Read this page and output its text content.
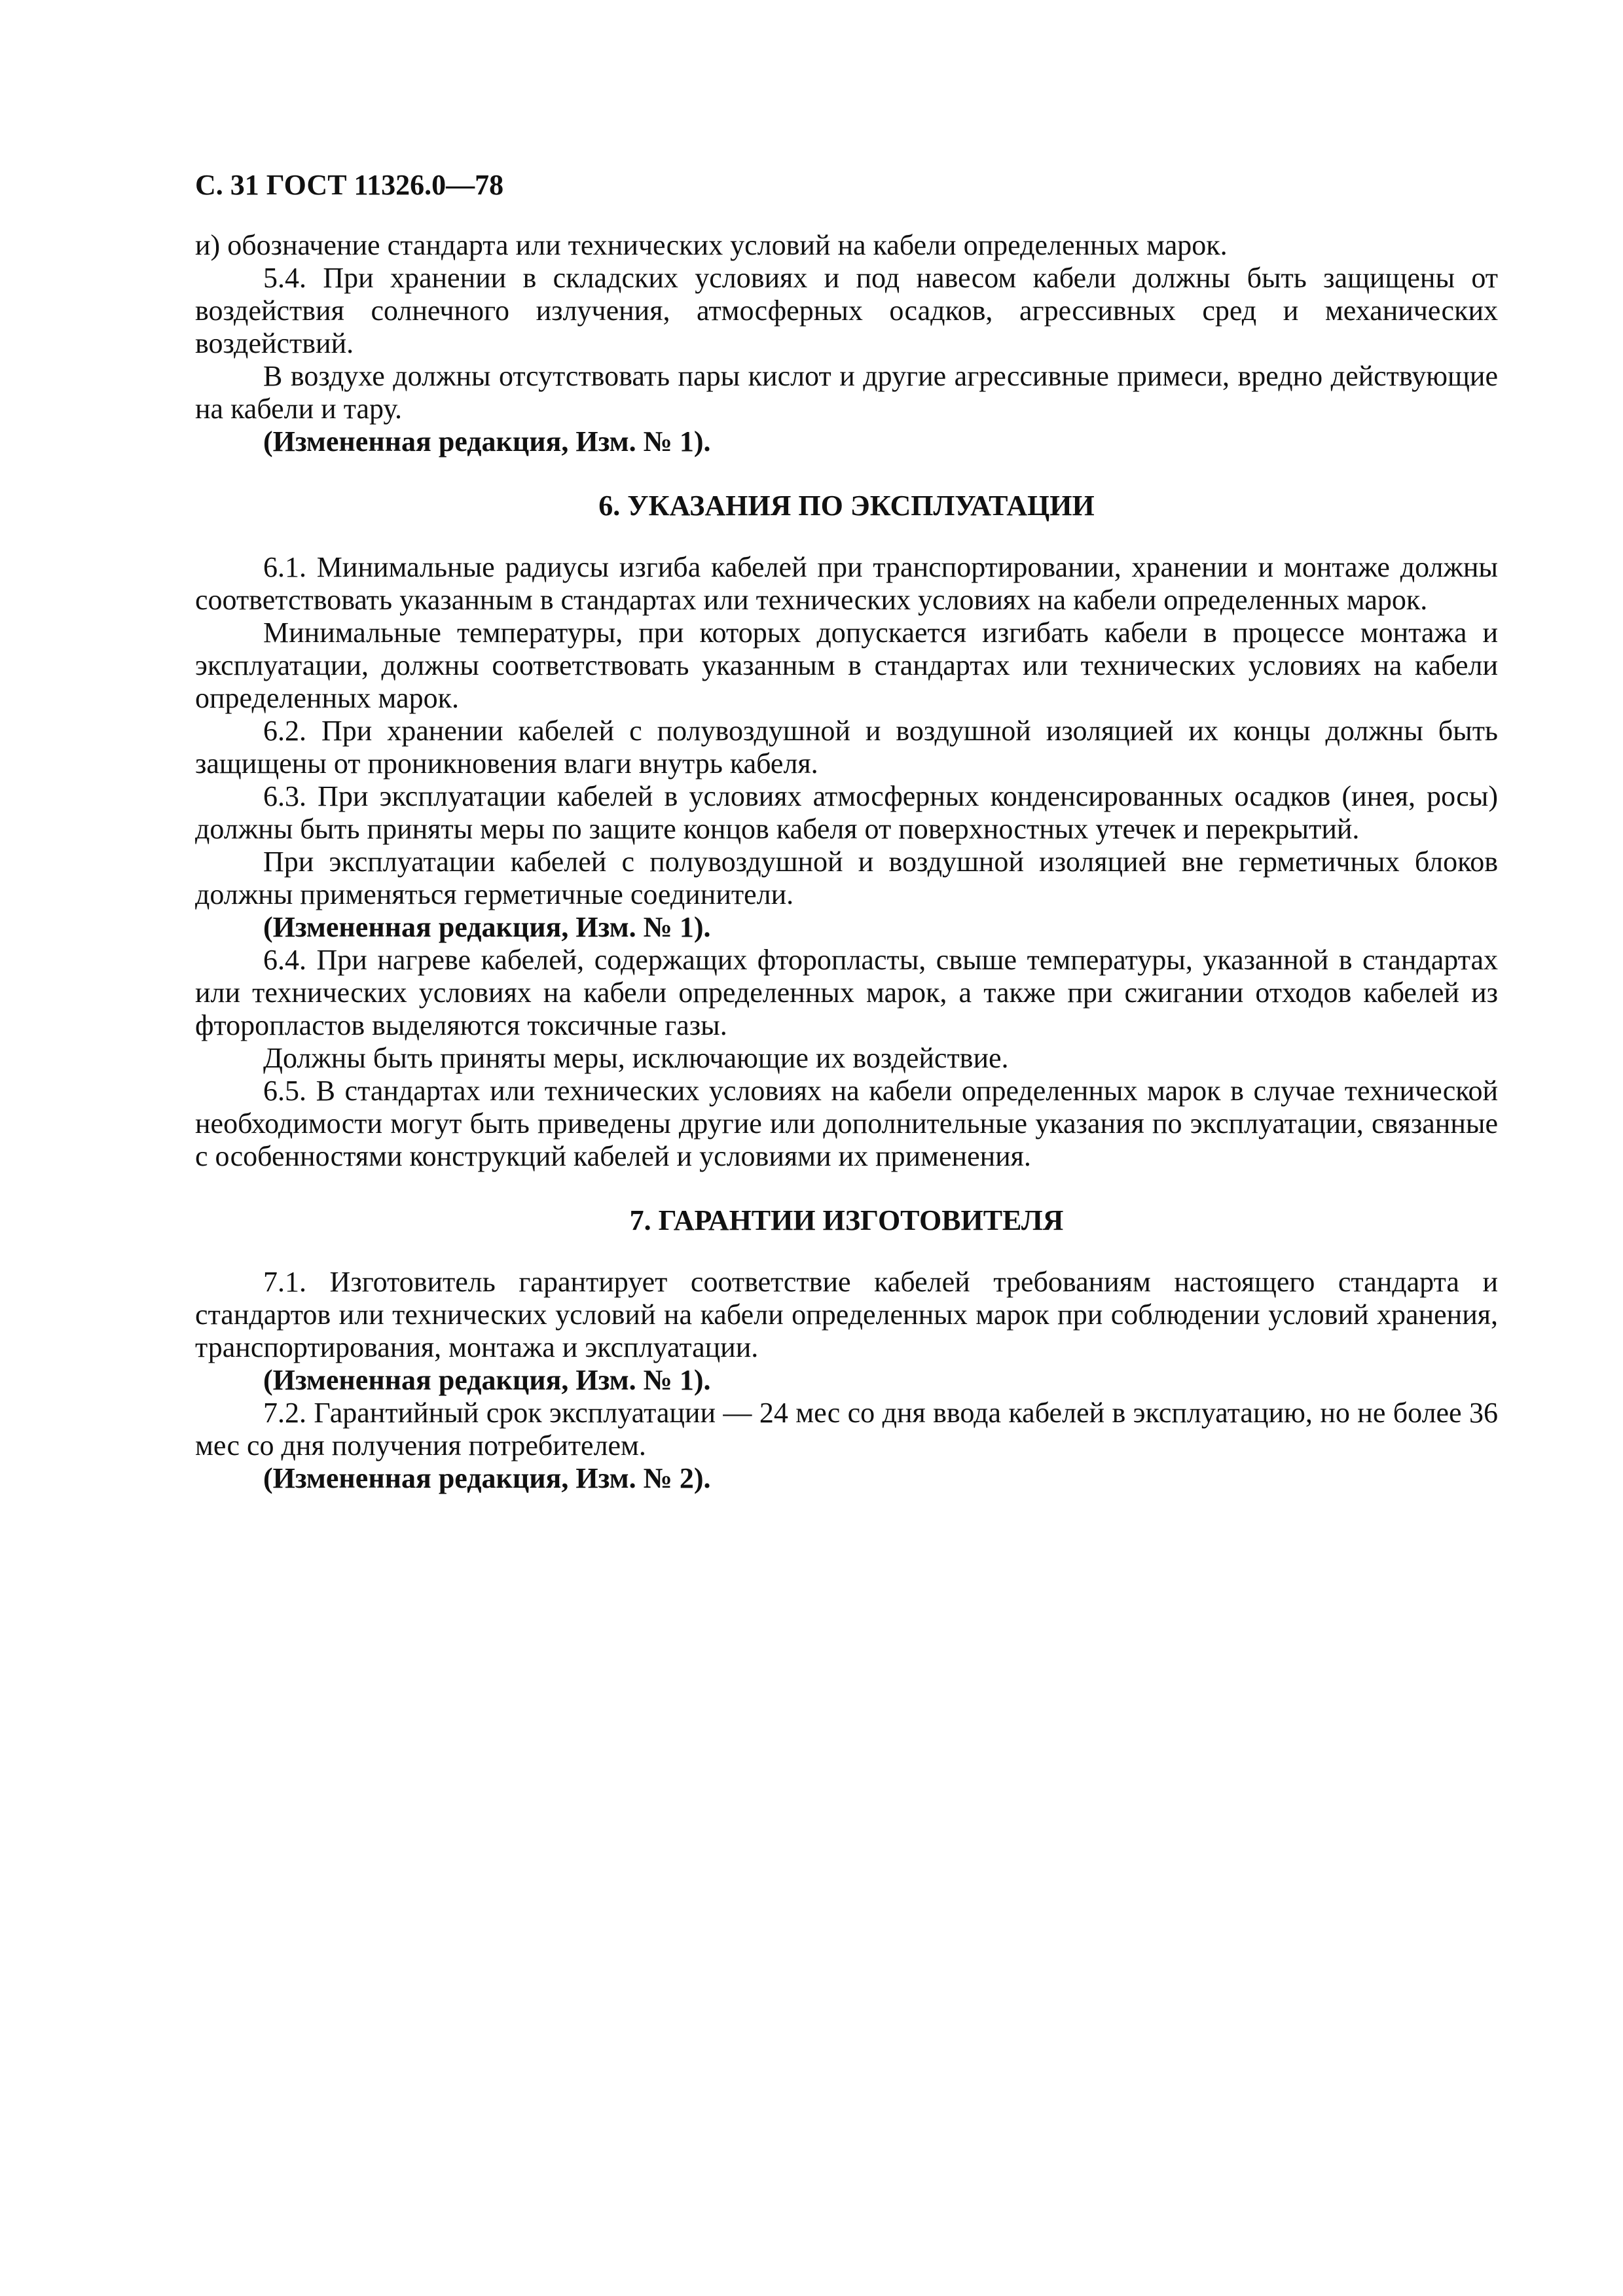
С. 31 ГОСТ 11326.0—78

и) обозначение стандарта или технических условий на кабели определенных марок.

5.4. При хранении в складских условиях и под навесом кабели должны быть защищены от воздействия солнечного излучения, атмосферных осадков, агрессивных сред и механических воздействий.

В воздухе должны отсутствовать пары кислот и другие агрессивные примеси, вредно действующие на кабели и тару.

(Измененная редакция, Изм. № 1).

6. УКАЗАНИЯ ПО ЭКСПЛУАТАЦИИ

6.1. Минимальные радиусы изгиба кабелей при транспортировании, хранении и монтаже должны соответствовать указанным в стандартах или технических условиях на кабели определенных марок.

Минимальные температуры, при которых допускается изгибать кабели в процессе монтажа и эксплуатации, должны соответствовать указанным в стандартах или технических условиях на кабели определенных марок.

6.2. При хранении кабелей с полувоздушной и воздушной изоляцией их концы должны быть защищены от проникновения влаги внутрь кабеля.

6.3. При эксплуатации кабелей в условиях атмосферных конденсированных осадков (инея, росы) должны быть приняты меры по защите концов кабеля от поверхностных утечек и перекрытий.

При эксплуатации кабелей с полувоздушной и воздушной изоляцией вне герметичных блоков должны применяться герметичные соединители.

(Измененная редакция, Изм. № 1).

6.4. При нагреве кабелей, содержащих фторопласты, свыше температуры, указанной в стандартах или технических условиях на кабели определенных марок, а также при сжигании отходов кабелей из фторопластов выделяются токсичные газы.

Должны быть приняты меры, исключающие их воздействие.

6.5. В стандартах или технических условиях на кабели определенных марок в случае технической необходимости могут быть приведены другие или дополнительные указания по эксплуатации, связанные с особенностями конструкций кабелей и условиями их применения.

7. ГАРАНТИИ ИЗГОТОВИТЕЛЯ

7.1. Изготовитель гарантирует соответствие кабелей требованиям настоящего стандарта и стандартов или технических условий на кабели определенных марок при соблюдении условий хранения, транспортирования, монтажа и эксплуатации.

(Измененная редакция, Изм. № 1).

7.2. Гарантийный срок эксплуатации — 24 мес со дня ввода кабелей в эксплуатацию, но не более 36 мес со дня получения потребителем.

(Измененная редакция, Изм. № 2).
